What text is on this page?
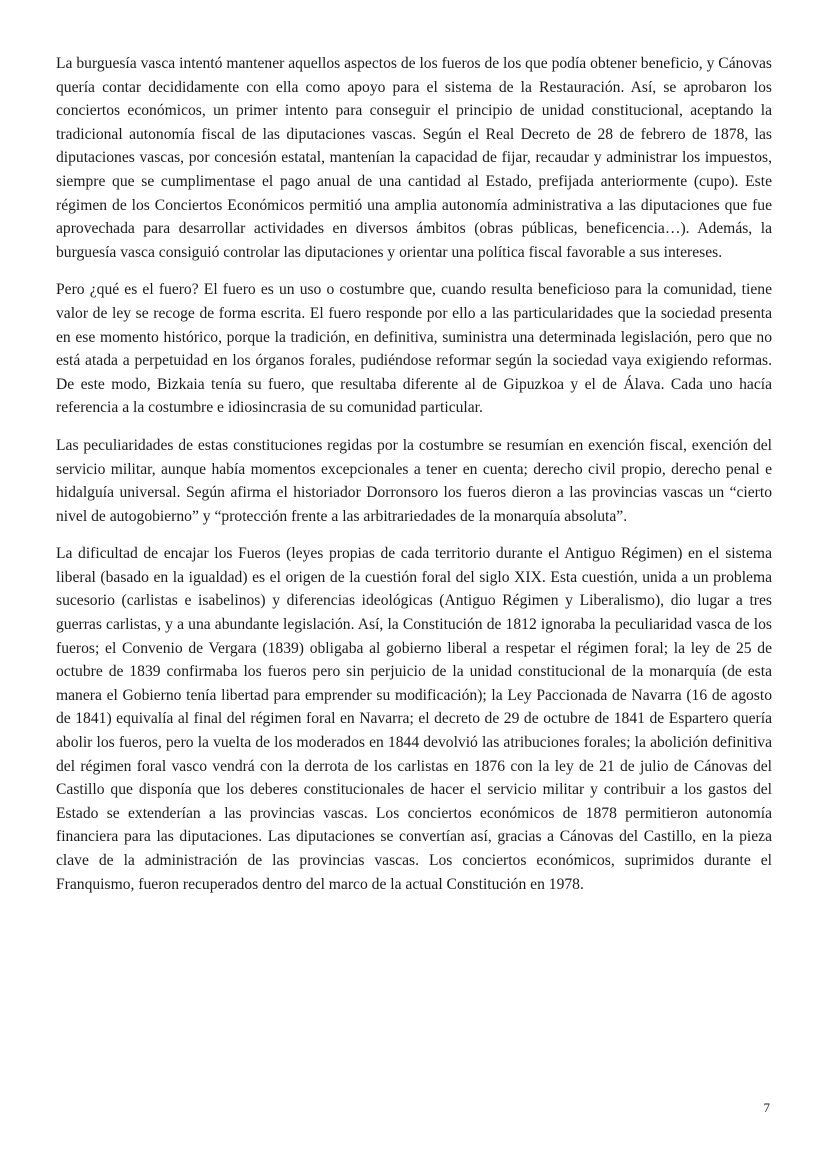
La burguesía vasca intentó mantener aquellos aspectos de los fueros de los que podía obtener beneficio, y Cánovas quería contar decididamente con ella como apoyo para el sistema de la Restauración. Así, se aprobaron los conciertos económicos, un primer intento para conseguir el principio de unidad constitucional, aceptando la tradicional autonomía fiscal de las diputaciones vascas. Según el Real Decreto de 28 de febrero de 1878, las diputaciones vascas, por concesión estatal, mantenían la capacidad de fijar, recaudar y administrar los impuestos, siempre que se cumplimentase el pago anual de una cantidad al Estado, prefijada anteriormente (cupo). Este régimen de los Conciertos Económicos permitió una amplia autonomía administrativa a las diputaciones que fue aprovechada para desarrollar actividades en diversos ámbitos (obras públicas, beneficencia…). Además, la burguesía vasca consiguió controlar las diputaciones y orientar una política fiscal favorable a sus intereses.

Pero ¿qué es el fuero? El fuero es un uso o costumbre que, cuando resulta beneficioso para la comunidad, tiene valor de ley se recoge de forma escrita. El fuero responde por ello a las particularidades que la sociedad presenta en ese momento histórico, porque la tradición, en definitiva, suministra una determinada legislación, pero que no está atada a perpetuidad en los órganos forales, pudiéndose reformar según la sociedad vaya exigiendo reformas. De este modo, Bizkaia tenía su fuero, que resultaba diferente al de Gipuzkoa y el de Álava. Cada uno hacía referencia a la costumbre e idiosincrasia de su comunidad particular.

Las peculiaridades de estas constituciones regidas por la costumbre se resumían en exención fiscal, exención del servicio militar, aunque había momentos excepcionales a tener en cuenta; derecho civil propio, derecho penal e hidalguía universal. Según afirma el historiador Dorronsoro los fueros dieron a las provincias vascas un “cierto nivel de autogobierno” y “protección frente a las arbitrariedades de la monarquía absoluta”.

La dificultad de encajar los Fueros (leyes propias de cada territorio durante el Antiguo Régimen) en el sistema liberal (basado en la igualdad) es el origen de la cuestión foral del siglo XIX. Esta cuestión, unida a un problema sucesorio (carlistas e isabelinos) y diferencias ideológicas (Antiguo Régimen y Liberalismo), dio lugar a tres guerras carlistas, y a una abundante legislación. Así, la Constitución de 1812 ignoraba la peculiaridad vasca de los fueros; el Convenio de Vergara (1839) obligaba al gobierno liberal a respetar el régimen foral; la ley de 25 de octubre de 1839 confirmaba los fueros pero sin perjuicio de la unidad constitucional de la monarquía (de esta manera el Gobierno tenía libertad para emprender su modificación); la Ley Paccionada de Navarra (16 de agosto de 1841) equivalía al final del régimen foral en Navarra; el decreto de 29 de octubre de 1841 de Espartero quería abolir los fueros, pero la vuelta de los moderados en 1844 devolvió las atribuciones forales; la abolición definitiva del régimen foral vasco vendrá con la derrota de los carlistas en 1876 con la ley de 21 de julio de Cánovas del Castillo que disponía que los deberes constitucionales de hacer el servicio militar y contribuir a los gastos del Estado se extenderían a las provincias vascas. Los conciertos económicos de 1878 permitieron autonomía financiera para las diputaciones. Las diputaciones se convertían así, gracias a Cánovas del Castillo, en la pieza clave de la administración de las provincias vascas. Los conciertos económicos, suprimidos durante el Franquismo, fueron recuperados dentro del marco de la actual Constitución en 1978.

7
